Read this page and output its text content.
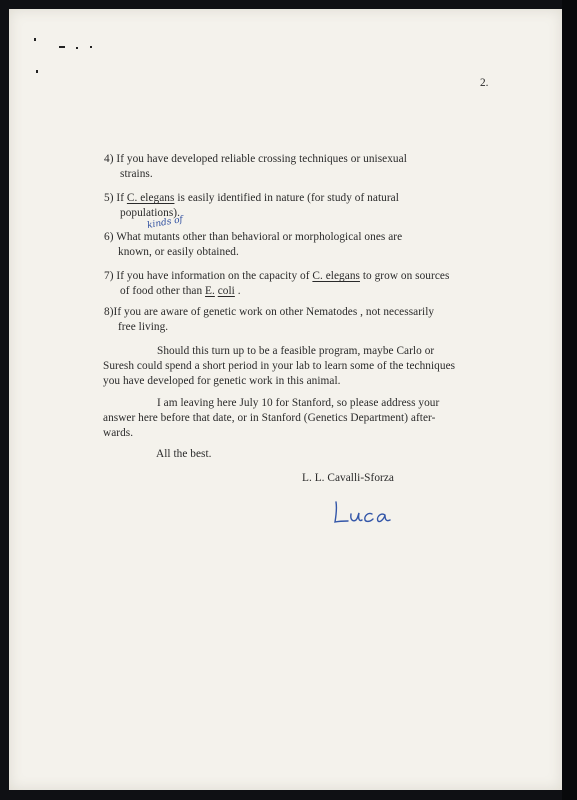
2.

4) If you have developed reliable crossing techniques or unisexual

strains.

5) If C. elegans is easily identified in nature (for study of natural

populations).

kinds of

6) What mutants other than behavioral or morphological ones are

known, or easily obtained.

7) If you have information on the capacity of C. elegans to grow on sources

of food other than E. coli .

8)If you are aware of genetic work on other Nematodes , not necessarily

free living.

Should this turn up to be a feasible program, maybe Carlo or

Suresh could spend a short period in your lab to learn some of the techniques

you have developed for genetic work in this animal.

I am leaving here July 10 for Stanford, so please address your

answer here before that date, or in Stanford (Genetics Department) after-

wards.

All the best.

L. L. Cavalli-Sforza
